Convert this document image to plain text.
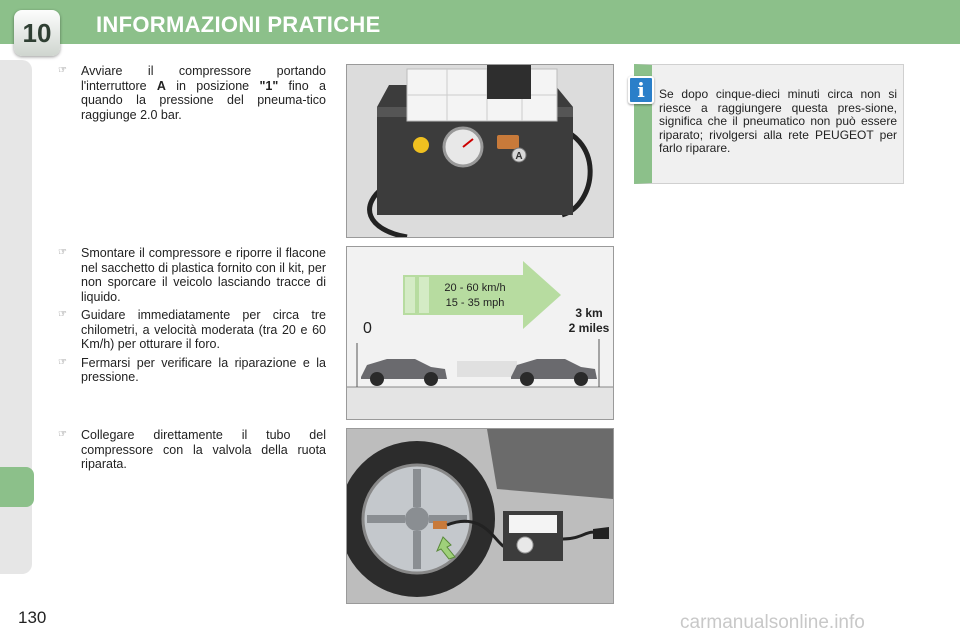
10	INFORMAZIONI PRATICHE
☞ Avviare il compressore portando l'interruttore A in posizione "1" fino a quando la pressione del pneuma-tico raggiunge 2.0 bar.
☞ Smontare il compressore e riporre il flacone nel sacchetto di plastica fornito con il kit, per non sporcare il veicolo lasciando tracce di liquido.
☞ Guidare immediatamente per circa tre chilometri, a velocità moderata (tra 20 e 60 Km/h) per otturare il foro.
☞ Fermarsi per verificare la riparazione e la pressione.
☞ Collegare direttamente il tubo del compressore con la valvola della ruota riparata.
A
20 - 60 km/h
15 - 35 mph
0
3 km
2 miles
i	Se dopo cinque-dieci minuti circa non si riesce a raggiungere questa pres-sione, significa che il pneumatico non può essere riparato; rivolgersi alla rete PEUGEOT per farlo riparare.
130	carmanualsonline.info
